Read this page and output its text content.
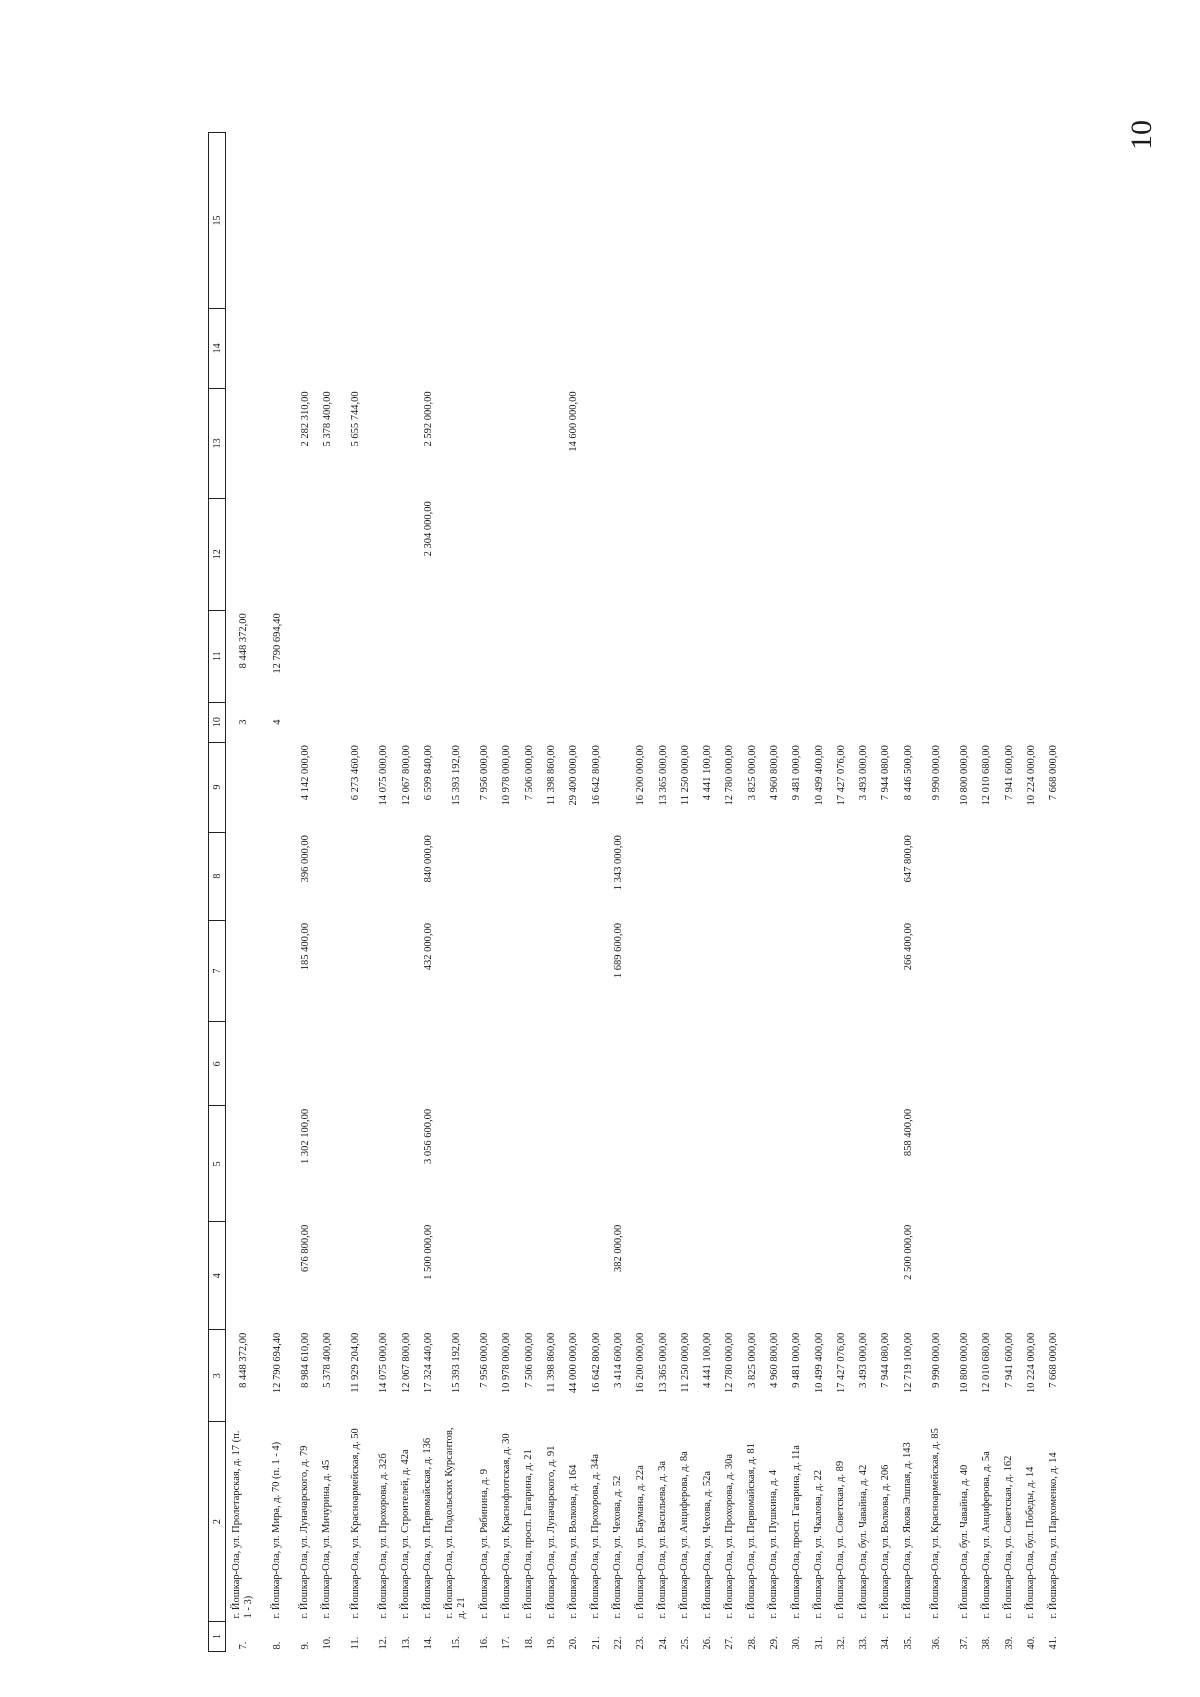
10
1	2	3	4	5	6	7	8	9	10	11	12	13	14	15
7.	г. Йошкар-Ола, ул. Пролетарская, д. 17 (п. 1 - 3)	8 448 372,00							3	8 448 372,00				
8.	г. Йошкар-Ола, ул. Мира, д. 70 (п. 1 - 4)	12 790 694,40							4	12 790 694,40				
9.	г. Йошкар-Ола, ул. Луначарского, д. 79	8 984 610,00	676 800,00	1 302 100,00		185 400,00	396 000,00	4 142 000,00				2 282 310,00		
10.	г. Йошкар-Ола, ул. Мичурина, д. 45	5 378 400,00										5 378 400,00		
11.	г. Йошкар-Ола, ул. Красноармейская, д. 50	11 929 204,00						6 273 460,00				5 655 744,00		
12.	г. Йошкар-Ола, ул. Прохорова, д. 32б	14 075 000,00						14 075 000,00						
13.	г. Йошкар-Ола, ул. Строителей, д. 42а	12 067 800,00						12 067 800,00						
14.	г. Йошкар-Ола, ул. Первомайская, д. 136	17 324 440,00	1 500 000,00	3 056 600,00		432 000,00	840 000,00	6 599 840,00			2 304 000,00	2 592 000,00		
15.	г. Йошкар-Ола, ул. Подольских Курсантов, д. 21	15 393 192,00						15 393 192,00						
16.	г. Йошкар-Ола, ул. Рябинина, д. 9	7 956 000,00						7 956 000,00						
17.	г. Йошкар-Ола, ул. Краснофлотская, д. 30	10 978 000,00						10 978 000,00						
18.	г. Йошкар-Ола, просп. Гагарина, д. 21	7 506 000,00						7 506 000,00						
19.	г. Йошкар-Ола, ул. Луначарского, д. 91	11 398 860,00						11 398 860,00						
20.	г. Йошкар-Ола, ул. Волкова, д. 164	44 000 000,00						29 400 000,00				14 600 000,00		
21.	г. Йошкар-Ола, ул. Прохорова, д. 34а	16 642 800,00						16 642 800,00						
22.	г. Йошкар-Ола, ул. Чехова, д. 52	3 414 600,00	382 000,00			1 689 600,00	1 343 000,00							
23.	г. Йошкар-Ола, ул. Баумана, д. 22а	16 200 000,00						16 200 000,00						
24.	г. Йошкар-Ола, ул. Васильева, д. 3а	13 365 000,00						13 365 000,00						
25.	г. Йошкар-Ола, ул. Анциферова, д. 8а	11 250 000,00						11 250 000,00						
26.	г. Йошкар-Ола, ул. Чехова, д. 52а	4 441 100,00						4 441 100,00						
27.	г. Йошкар-Ола, ул. Прохорова, д. 30а	12 780 000,00						12 780 000,00						
28.	г. Йошкар-Ола, ул. Первомайская, д. 81	3 825 000,00						3 825 000,00						
29.	г. Йошкар-Ола, ул. Пушкина, д. 4	4 960 800,00						4 960 800,00						
30.	г. Йошкар-Ола, просп. Гагарина, д. 11а	9 481 000,00						9 481 000,00						
31.	г. Йошкар-Ола, ул. Чкалова, д. 22	10 499 400,00						10 499 400,00						
32.	г. Йошкар-Ола, ул. Советская, д. 89	17 427 076,00						17 427 076,00						
33.	г. Йошкар-Ола, бул. Чавайна, д. 42	3 493 000,00						3 493 000,00						
34.	г. Йошкар-Ола, ул. Волкова, д. 206	7 944 080,00						7 944 080,00						
35.	г. Йошкар-Ола, ул. Якова Эшпая, д. 143	12 719 100,00	2 500 000,00	858 400,00		266 400,00	647 800,00	8 446 500,00						
36.	г. Йошкар-Ола, ул. Красноармейская, д. 85	9 990 000,00						9 990 000,00						
37.	г. Йошкар-Ола, бул. Чавайна, д. 40	10 800 000,00						10 800 000,00						
38.	г. Йошкар-Ола, ул. Анциферова, д. 5а	12 010 680,00						12 010 680,00						
39.	г. Йошкар-Ола, ул. Советская, д. 162	7 941 600,00						7 941 600,00						
40.	г. Йошкар-Ола, бул. Победы, д. 14	10 224 000,00						10 224 000,00						
41.	г. Йошкар-Ола, ул. Пархоменко, д. 14	7 668 000,00						7 668 000,00						
